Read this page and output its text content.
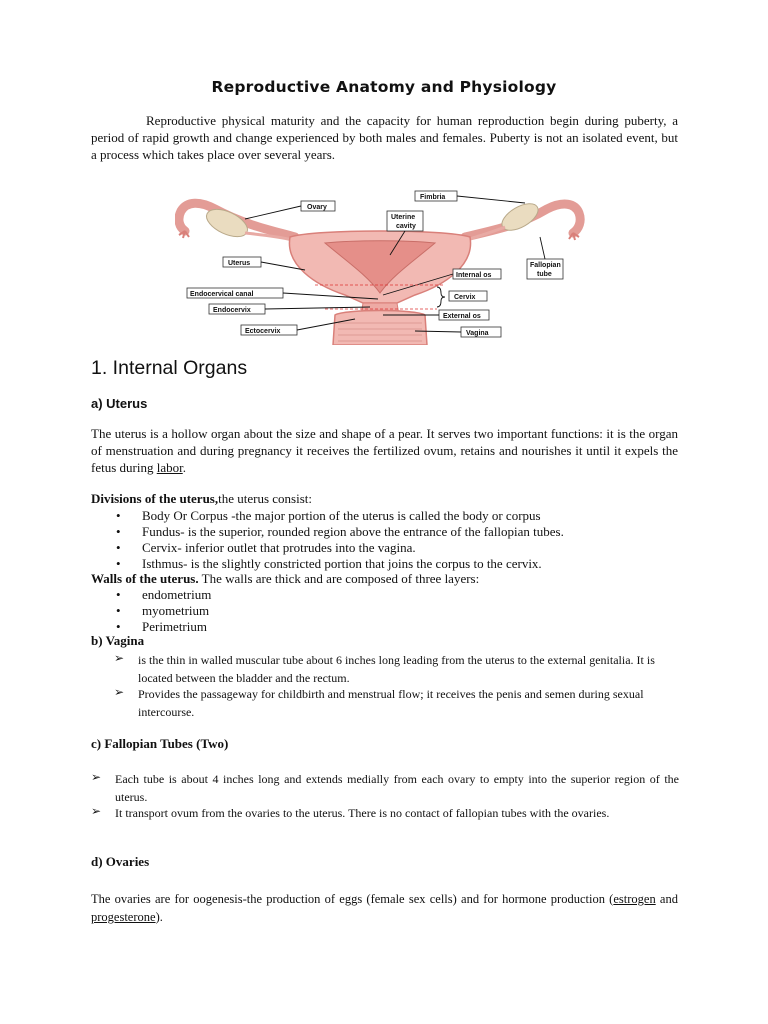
Reproductive Anatomy and Physiology
Reproductive physical maturity and the capacity for human reproduction begin during puberty, a period of rapid growth and change experienced by both males and females. Puberty is not an isolated event, but a process which takes place over several years.
Ovary
Fimbria
Uterine
cavity
Uterus	Fallopian
tube
Internal os
Endocervical canal	Cervix
Endocervix
External os
Ectocervix	Vagina
1. Internal Organs
a) Uterus
The uterus is a hollow organ about the size and shape of a pear. It serves two important functions: it is the organ of menstruation and during pregnancy it receives the fertilized ovum, retains and nourishes it until it expels the fetus during labor.
Divisions of the uterus,the uterus consist:
• Body Or Corpus -the major portion of the uterus is called the body or corpus
• Fundus- is the superior, rounded region above the entrance of the fallopian tubes.
• Cervix- inferior outlet that protrudes into the vagina.
• Isthmus- is the slightly constricted portion that joins the corpus to the cervix.
Walls of the uterus. The walls are thick and are composed of three layers:
• endometrium
• myometrium
• Perimetrium
b) Vagina
➢ is the thin in walled muscular tube about 6 inches long leading from the uterus to the external genitalia. It is located between the bladder and the rectum.
➢ Provides the passageway for childbirth and menstrual flow; it receives the penis and semen during sexual intercourse.
c) Fallopian Tubes (Two)
➢ Each tube is about 4 inches long and extends medially from each ovary to empty into the superior region of the uterus.
➢ It transport ovum from the ovaries to the uterus. There is no contact of fallopian tubes with the ovaries.
d) Ovaries
The ovaries are for oogenesis-the production of eggs (female sex cells) and for hormone production (estrogen and progesterone).
